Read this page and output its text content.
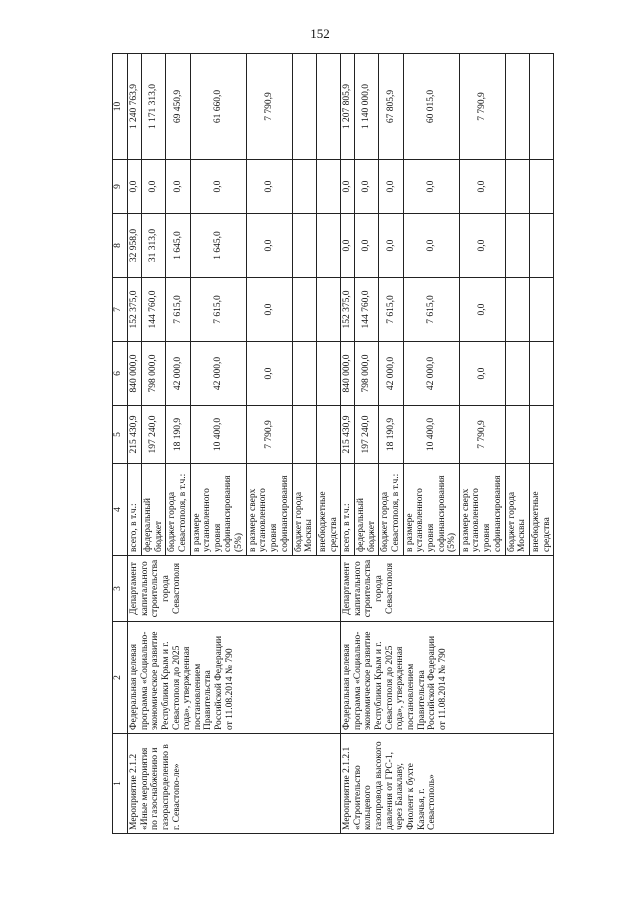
152
1	2	3	4	5	6	7	8	9	10
Мероприятие 2.1.2 «Иные мероприятия по газоснабжению и газораспределению в г. Севастопо-ле»	Федеральная целевая программа «Социально-экономическое развитие Республики Крым и г. Севастополя до 2025 года», утвержденная постановлением Правительства Российской Федерации от 11.08.2014 № 790	Департамент капитального строительства города Севастополя	всего, в т.ч.:	215 430,9	840 000,0	152 375,0	32 958,0	0,0	1 240 763,9
			федеральный бюджет	197 240,0	798 000,0	144 760,0	31 313,0	0,0	1 171 313,0
			бюджет города Севастополя, в т.ч.:	18 190,9	42 000,0	7 615,0	1 645,0	0,0	69 450,9
			в размере установленного уровня софинансирования (5%)	10 400,0	42 000,0	7 615,0	1 645,0	0,0	61 660,0
			в размере сверх установленного уровня софинансирования	7 790,9	0,0	0,0	0,0	0,0	7 790,9
			бюджет города Москвы						
			внебюджетные средства						
Мероприятие 2.1.2.1 «Строительство кольцевого газопровода высокого давления от ГРС-1, через Балаклаву, Фиолент к бухте Казачья, г. Севастополь»	Федеральная целевая программа «Социально-экономическое развитие Республики Крым и г. Севастополя до 2025 года», утвержденная постановлением Правительства Российской Федерации от 11.08.2014 № 790	Департамент капитального строительства города Севастополя	всего, в т.ч.:	215 430,9	840 000,0	152 375,0	0,0	0,0	1 207 805,9
			федеральный бюджет	197 240,0	798 000,0	144 760,0	0,0	0,0	1 140 000,0
			бюджет города Севастополя, в т.ч.:	18 190,9	42 000,0	7 615,0	0,0	0,0	67 805,9
			в размере установленного уровня софинансирования (5%)	10 400,0	42 000,0	7 615,0	0,0	0,0	60 015,0
			в размере сверх установленного уровня софинансирования	7 790,9	0,0	0,0	0,0	0,0	7 790,9
			бюджет города Москвы						
			внебюджетные средства						
